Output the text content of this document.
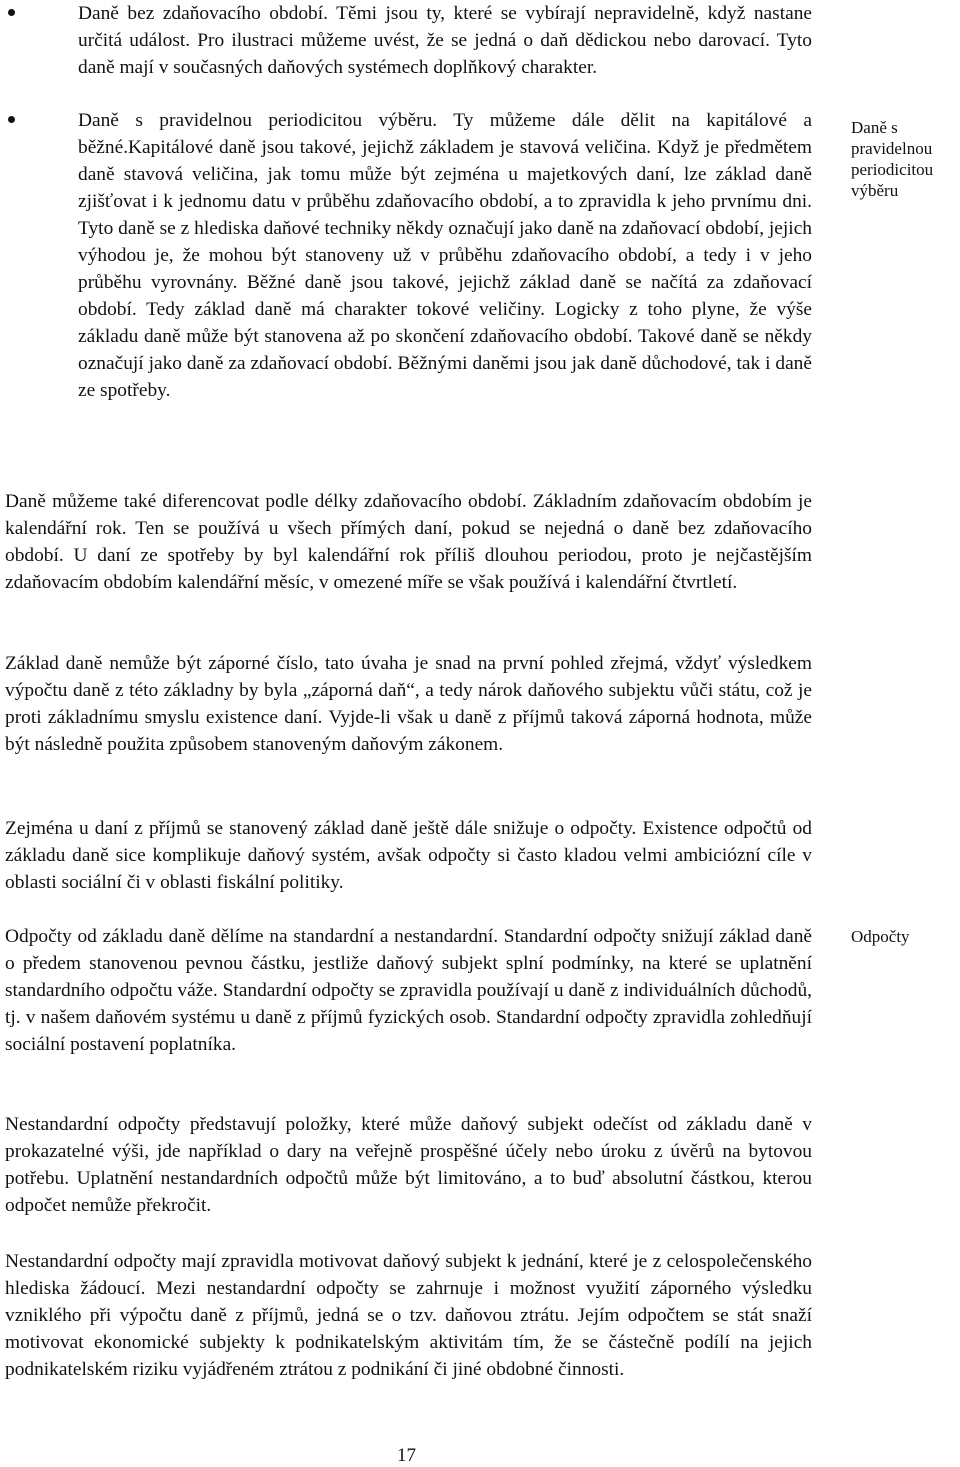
Daně bez zdaňovacího období. Těmi jsou ty, které se vybírají nepravidelně, když nastane určitá událost. Pro ilustraci můžeme uvést, že se jedná o daň dědickou nebo darovací. Tyto daně mají v současných daňových systémech doplňkový charakter.

Daně s pravidelnou periodicitou výběru. Ty můžeme dále dělit na kapitálové a běžné.Kapitálové daně jsou takové, jejichž základem je stavová veličina. Když je předmětem daně stavová veličina, jak tomu může být zejména u majetkových daní, lze základ daně zjišťovat i k jednomu datu v průběhu zdaňovacího období, a to zpravidla k jeho prvnímu dni. Tyto daně se z hlediska daňové techniky někdy označují jako daně na zdaňovací období, jejich výhodou je, že mohou být stanoveny už v průběhu zdaňovacího období, a tedy i v jeho průběhu vyrovnány. Běžné daně jsou takové, jejichž základ daně se načítá za zdaňovací období. Tedy základ daně má charakter tokové veličiny. Logicky z toho plyne, že výše základu daně může být stanovena až po skončení zdaňovacího období. Takové daně se někdy označují jako daně za zdaňovací období. Běžnými daněmi jsou jak daně důchodové, tak i daně ze spotřeby.

Daně s pravidelnou periodicitou výběru

Daně můžeme také diferencovat podle délky zdaňovacího období. Základním zdaňovacím obdobím je kalendářní rok. Ten se používá u všech přímých daní, pokud se nejedná o daně bez zdaňovacího období. U daní ze spotřeby by byl kalendářní rok příliš dlouhou periodou, proto je nejčastějším zdaňovacím obdobím kalendářní měsíc, v omezené míře se však používá i kalendářní čtvrtletí.

Základ daně nemůže být záporné číslo, tato úvaha je snad na první pohled zřejmá, vždyť výsledkem výpočtu daně z této základny by byla „záporná daň“, a tedy nárok daňového subjektu vůči státu, což je proti základnímu smyslu existence daní. Vyjde-li však u daně z příjmů taková záporná hodnota, může být následně použita způsobem stanoveným daňovým zákonem.

Zejména u daní z příjmů se stanovený základ daně ještě dále snižuje o odpočty. Existence odpočtů od základu daně sice komplikuje daňový systém, avšak odpočty si často kladou velmi ambiciózní cíle v oblasti sociální či v oblasti fiskální politiky.

Odpočty od základu daně dělíme na standardní a nestandardní. Standardní odpočty snižují základ daně o předem stanovenou pevnou částku, jestliže daňový subjekt splní podmínky, na které se uplatnění standardního odpočtu váže. Standardní odpočty se zpravidla používají u daně z individuálních důchodů, tj. v našem daňovém systému u daně z příjmů fyzických osob. Standardní odpočty zpravidla zohledňují sociální postavení poplatníka.

Odpočty

Nestandardní odpočty představují položky, které může daňový subjekt odečíst od základu daně v prokazatelné výši, jde například o dary na veřejně prospěšné účely nebo úroku z úvěrů na bytovou potřebu. Uplatnění nestandardních odpočtů může být limitováno, a to buď absolutní částkou, kterou odpočet nemůže překročit.

Nestandardní odpočty mají zpravidla motivovat daňový subjekt k jednání, které je z celospolečenského hlediska žádoucí. Mezi nestandardní odpočty se zahrnuje i možnost využití záporného výsledku vzniklého při výpočtu daně z příjmů, jedná se o tzv. daňovou ztrátu. Jejím odpočtem se stát snaží motivovat ekonomické subjekty k podnikatelským aktivitám tím, že se částečně podílí na jejich podnikatelském riziku vyjádřeném ztrátou z podnikání či jiné obdobné činnosti.

17
